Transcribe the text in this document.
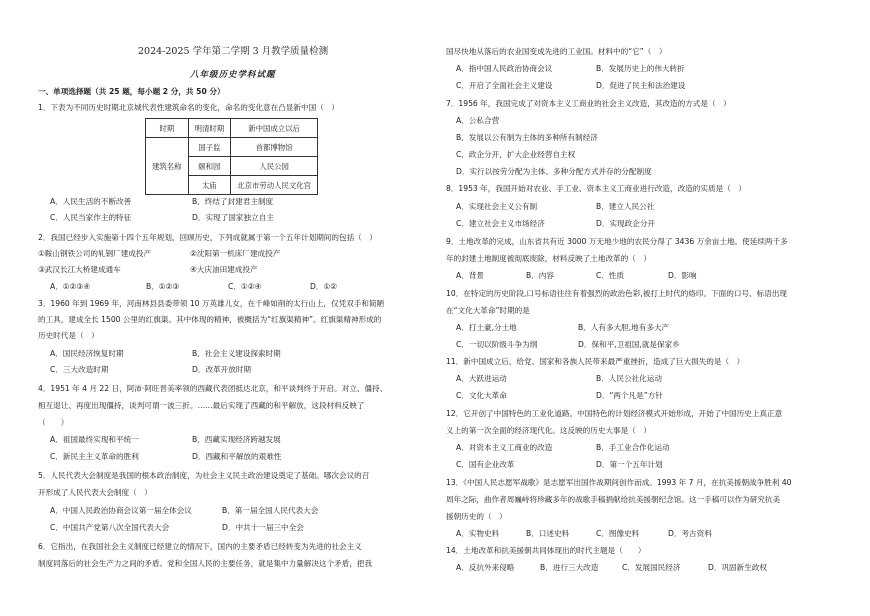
2024-2025 学年第二学期 3 月教学质量检测
八年级历史学科试题
一、单项选择题（共 25 题，每小题 2 分，共 50 分）
1．下表为不同历史时期北京城代表性建筑命名的变化，命名的变化意在凸显新中国（　）
时期	明清时期	新中国成立以后
建筑名称	国子监	首都博物馆
	颐和园	人民公园
	太庙	北京市劳动人民文化宫
A．人民生活的不断改善	B．终结了封建君主制度
C．人民当家作主的特征	D．实现了国家独立自主
2．我国已经步入实施第十四个五年规划，回顾历史，下列成就属于第一个五年计划期间的包括（　）
①鞍山钢铁公司的轧钢厂建成投产	②沈阳第一机床厂建成投产
③武汉长江大桥建成通车	④大庆油田建成投产
A．①②③④	B．①②③	C．①②④	D．①②
3．1960 年到 1969 年，河南林县县委带领 10 万英雄儿女，在千峰如削的太行山上，仅凭双手和简陋
的工具，建成全长 1500 公里的红旗渠。其中体现的精神，被概括为“红旗渠精神”。红旗渠精神形成的
历史时代是（　）
A．国民经济恢复时期	B．社会主义建设探索时期
C．三大改造时期	D．改革开放时期
4．1951 年 4 月 22 日，阿沛·阿旺晋美率领的西藏代表团抵达北京，和平谈判终于开启。对立、僵持、
相互退让、再度出现僵持，谈判可谓一波三折。……最后实现了西藏的和平解放，这段材料反映了
（　　）
A．祖国最终实现和平统一	B．西藏实现经济跨越发展
C．新民主主义革命的胜利	D．西藏和平解放的艰难性
5．人民代表大会制度是我国的根本政治制度，为社会主义民主政治建设奠定了基础。哪次会议的召
开形成了人民代表大会制度（　）
A．中国人民政治协商会议第一届全体会议	B．第一届全国人民代表大会
C．中国共产党第八次全国代表大会	D．中共十一届三中全会
6．它指出，在我国社会主义制度已经建立的情况下，国内的主要矛盾已经转变为先进的社会主义
制度同落后的社会生产力之间的矛盾。党和全国人民的主要任务，就是集中力量解决这个矛盾，把我
国尽快地从落后的农业国变成先进的工业国。材料中的“它”（　）
A．指中国人民政治协商会议	B．发展历史上的伟大转折
C．开启了全面社会主义建设	D．促进了民主和法治建设
7．1956 年，我国完成了对资本主义工商业的社会主义改造，其改造的方式是（　）
A．公私合营
B．发展以公有制为主体的多种所有制经济
C．政企分开，扩大企业经营自主权
D．实行以按劳分配为主体、多种分配方式并存的分配制度
8．1953 年，我国开始对农业、手工业、资本主义工商业进行改造，改造的实质是（　）
A．实现社会主义公有制	B．建立人民公社
C．建立社会主义市场经济	D．实现政企分开
9．土地改革的完成，山东省共有近 3000 万无地少地的农民分得了 3436 万余亩土地。使延续两千多
年的封建土地制度被彻底废除，材料反映了土地改革的（　）
A．背景	B．内容	C．性质	D．影响
10．在特定的历史阶段,口号标语往往有着强烈的政治色彩,被打上时代的烙印。下面的口号、标语出现
在“文化大革命”时期的是
A．打土豪,分土地	B．人有多大胆,地有多大产
C．一切以阶级斗争为纲	D．保和平,卫祖国,就是保家乡
11．新中国成立后，给党、国家和各族人民带来最严重挫折，造成了巨大损失的是（　）
A．大跃进运动	B．人民公社化运动
C．文化大革命	D．“两个凡是”方针
12．它开创了中国特色的工业化道路。中国特色的计划经济模式开始形成，开始了中国历史上真正意
义上的第一次全面的经济现代化。这反映的历史大事是（　）
A．对资本主义工商业的改造	B．手工业合作化运动
C．国有企业改革	D．第一个五年计划
13．《中国人民志愿军战歌》是志愿军出国作战期间创作而成。1993 年 7 月，在抗美援朝战争胜利 40
周年之际，曲作者周巍峙将珍藏多年的战歌手稿捐献给抗美援朝纪念馆。这一手稿可以作为研究抗美
援朝历史的（　）
A．实物史料	B．口述史料	C．图像史料	D．考古资料
14．土地改革和抗美援朝共同体现出的时代主题是（　　）
A．反抗外来侵略	B．进行三大改造	C．发展国民经济	D．巩固新生政权
